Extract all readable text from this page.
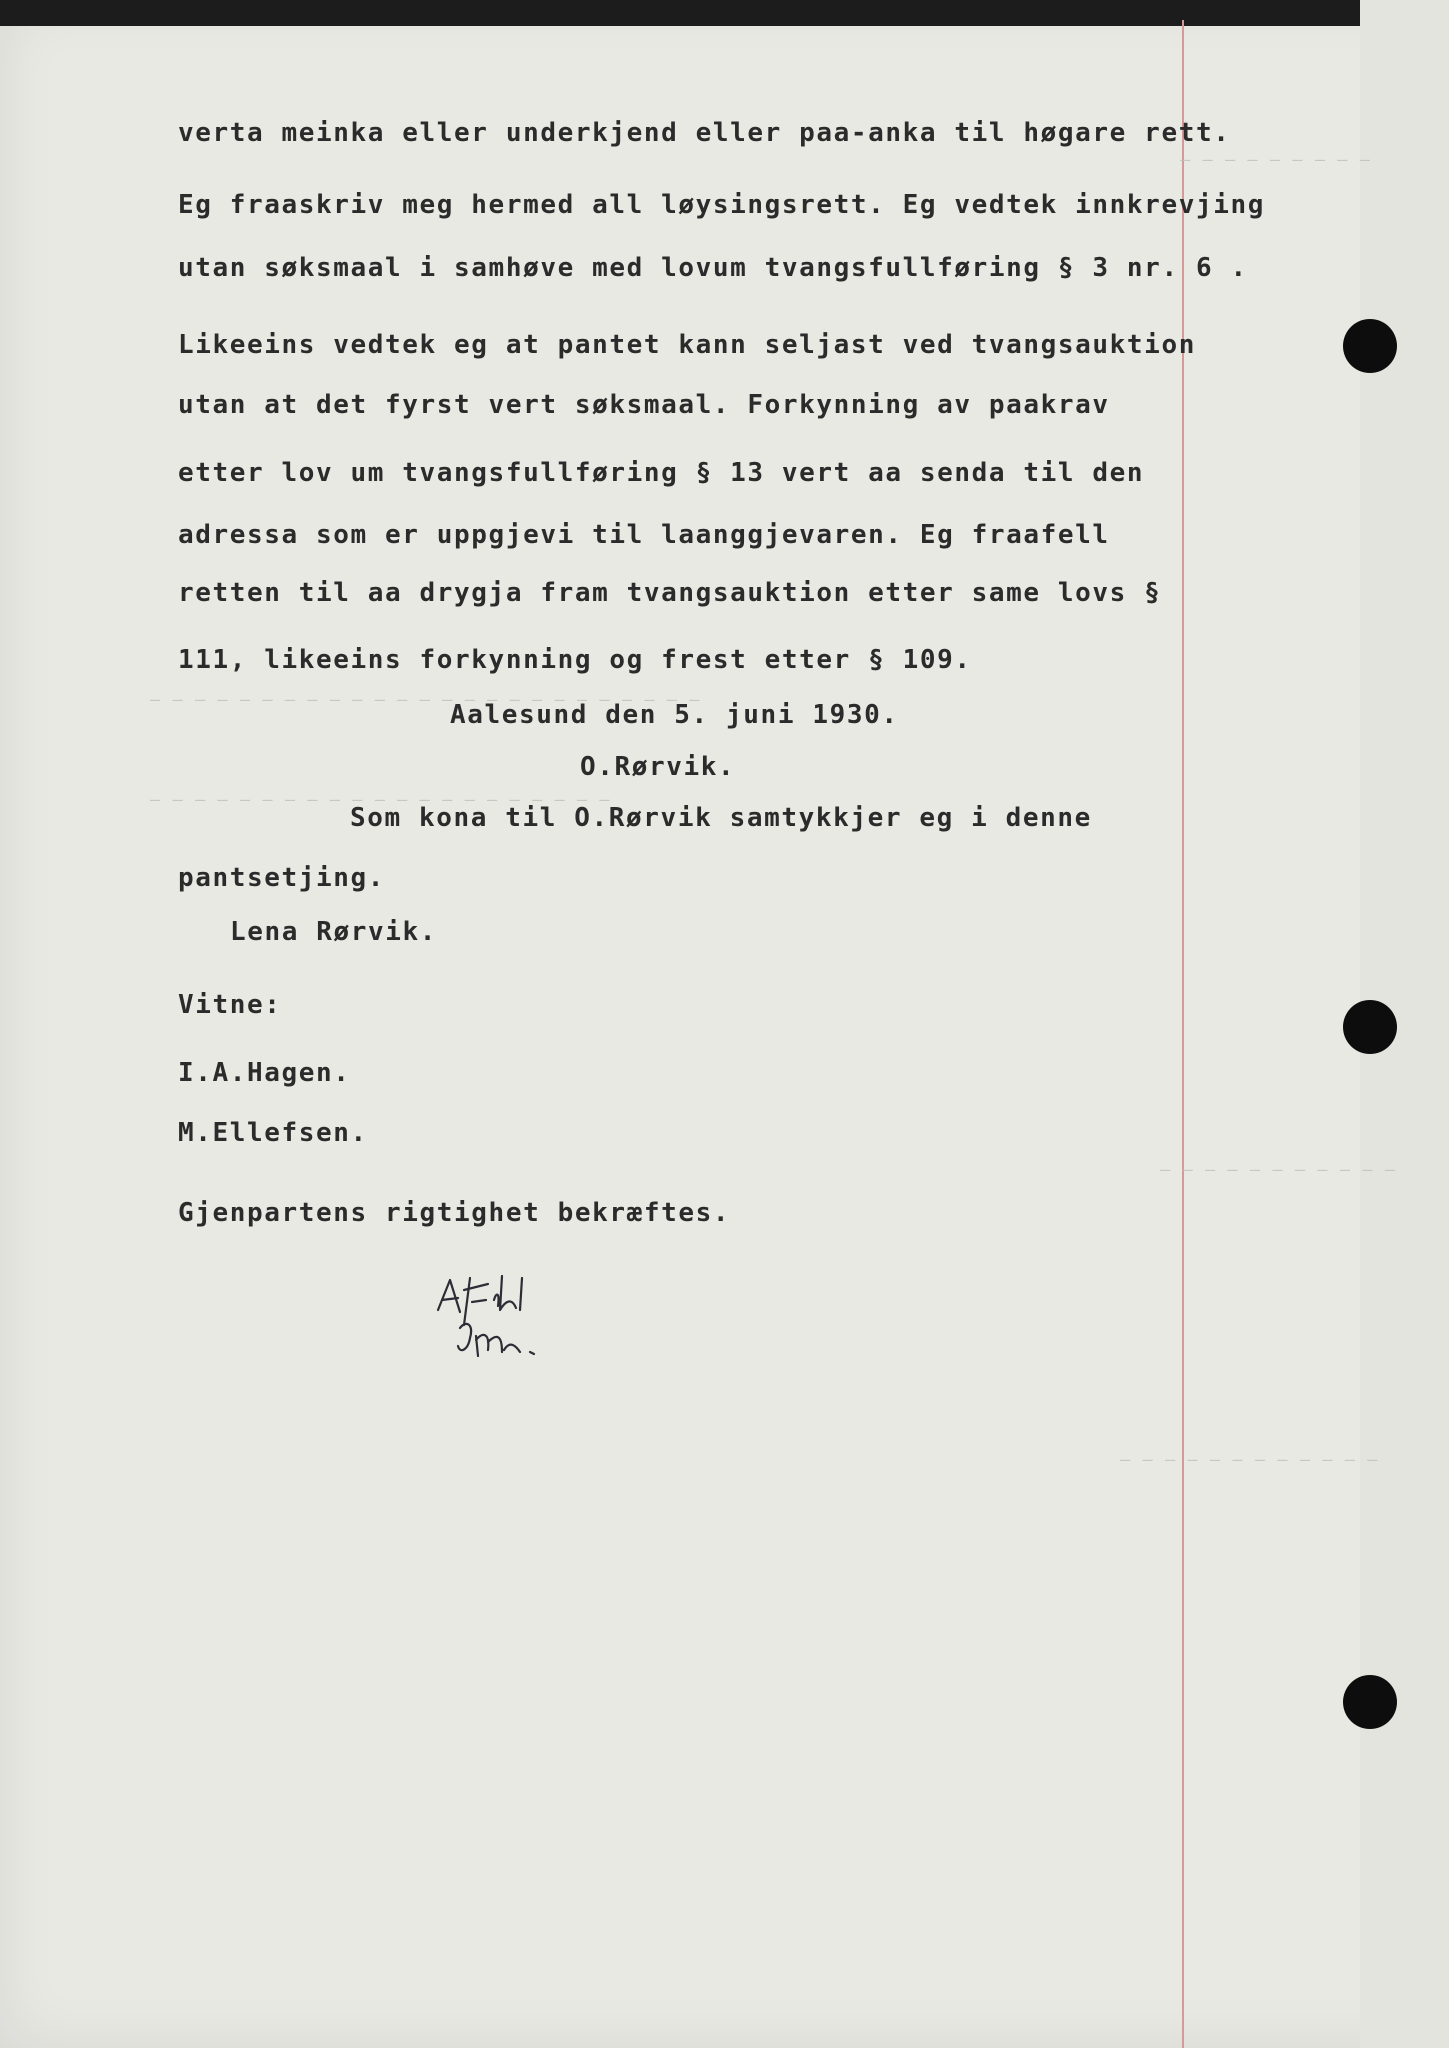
— — — — — — — — —
— — — — — — — — — — — — — — — — — — — — — — — — —
— — — — — — — — — — — — — — — — — — — — —
— — — — — — — — — — —
— — — — — — — — — — — —
verta meinka eller underkjend eller paa-anka til høgare rett.
Eg fraaskriv meg hermed all løysingsrett. Eg vedtek innkrevjing
utan søksmaal i samhøve med lovum tvangsfullføring § 3 nr. 6 .
Likeeins vedtek eg at pantet kann seljast ved tvangsauktion
utan at det fyrst vert søksmaal. Forkynning av paakrav
etter lov um tvangsfullføring § 13 vert aa senda til den
adressa som er uppgjevi til laanggjevaren. Eg fraafell
retten til aa drygja fram tvangsauktion etter same lovs §
111, likeeins forkynning og frest etter § 109.
Aalesund den 5. juni 1930.
O.Rørvik.
Som kona til O.Rørvik samtykkjer eg i denne
pantsetjing.
Lena Rørvik.
Vitne:
I.A.Hagen.
M.Ellefsen.
Gjenpartens rigtighet bekræftes.
